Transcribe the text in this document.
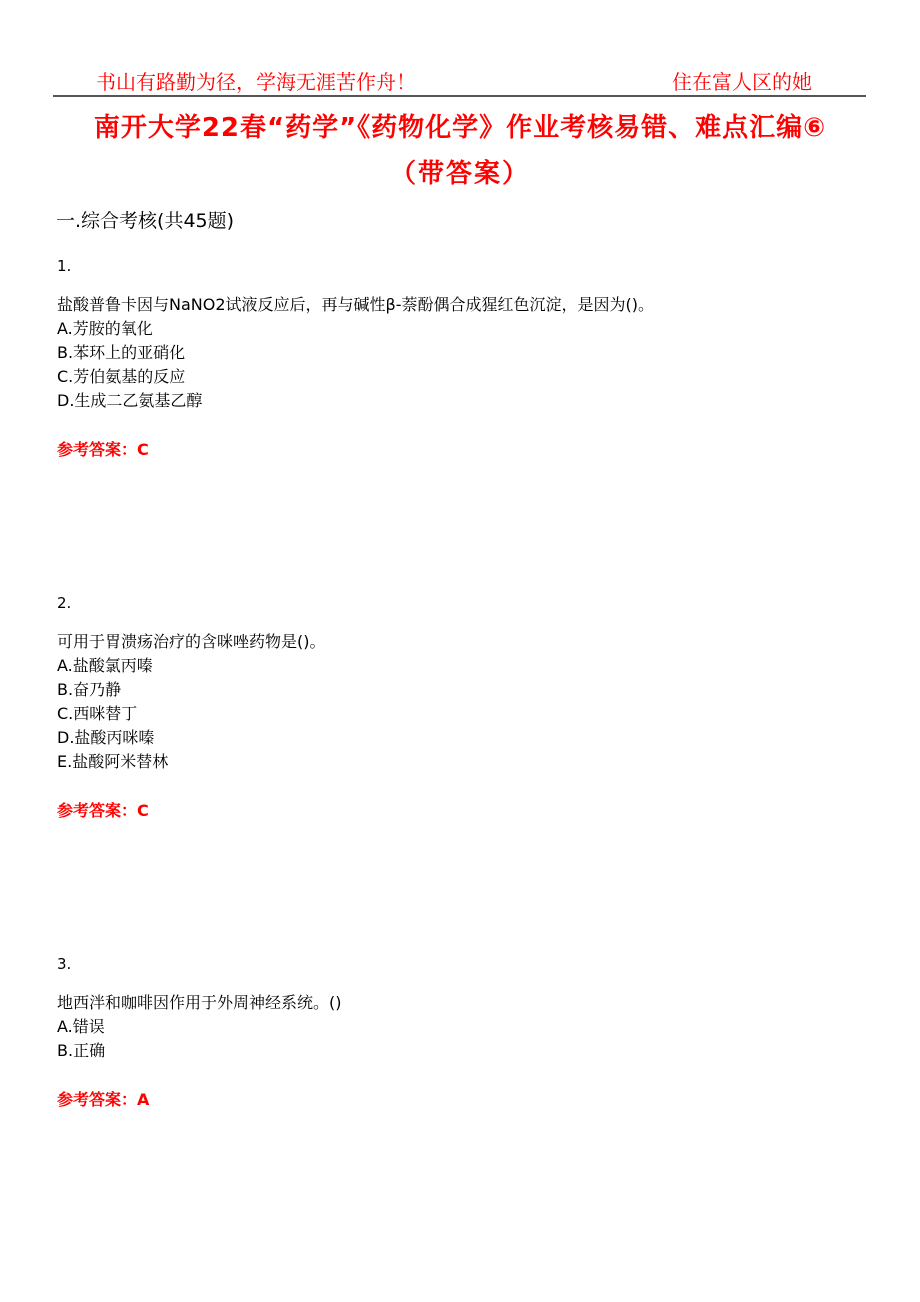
书山有路勤为径，学海无涯苦作舟！	住在富人区的她
南开大学22春“药学”《药物化学》作业考核易错、难点汇编⑥
（带答案）
一.综合考核(共45题)
1.
盐酸普鲁卡因与NaNO2试液反应后，再与碱性β-萘酚偶合成猩红色沉淀，是因为()。
A.芳胺的氧化
B.苯环上的亚硝化
C.芳伯氨基的反应
D.生成二乙氨基乙醇
参考答案：C
2.
可用于胃溃疡治疗的含咪唑药物是()。
A.盐酸氯丙嗪
B.奋乃静
C.西咪替丁
D.盐酸丙咪嗪
E.盐酸阿米替林
参考答案：C
3.
地西泮和咖啡因作用于外周神经系统。()
A.错误
B.正确
参考答案：A
